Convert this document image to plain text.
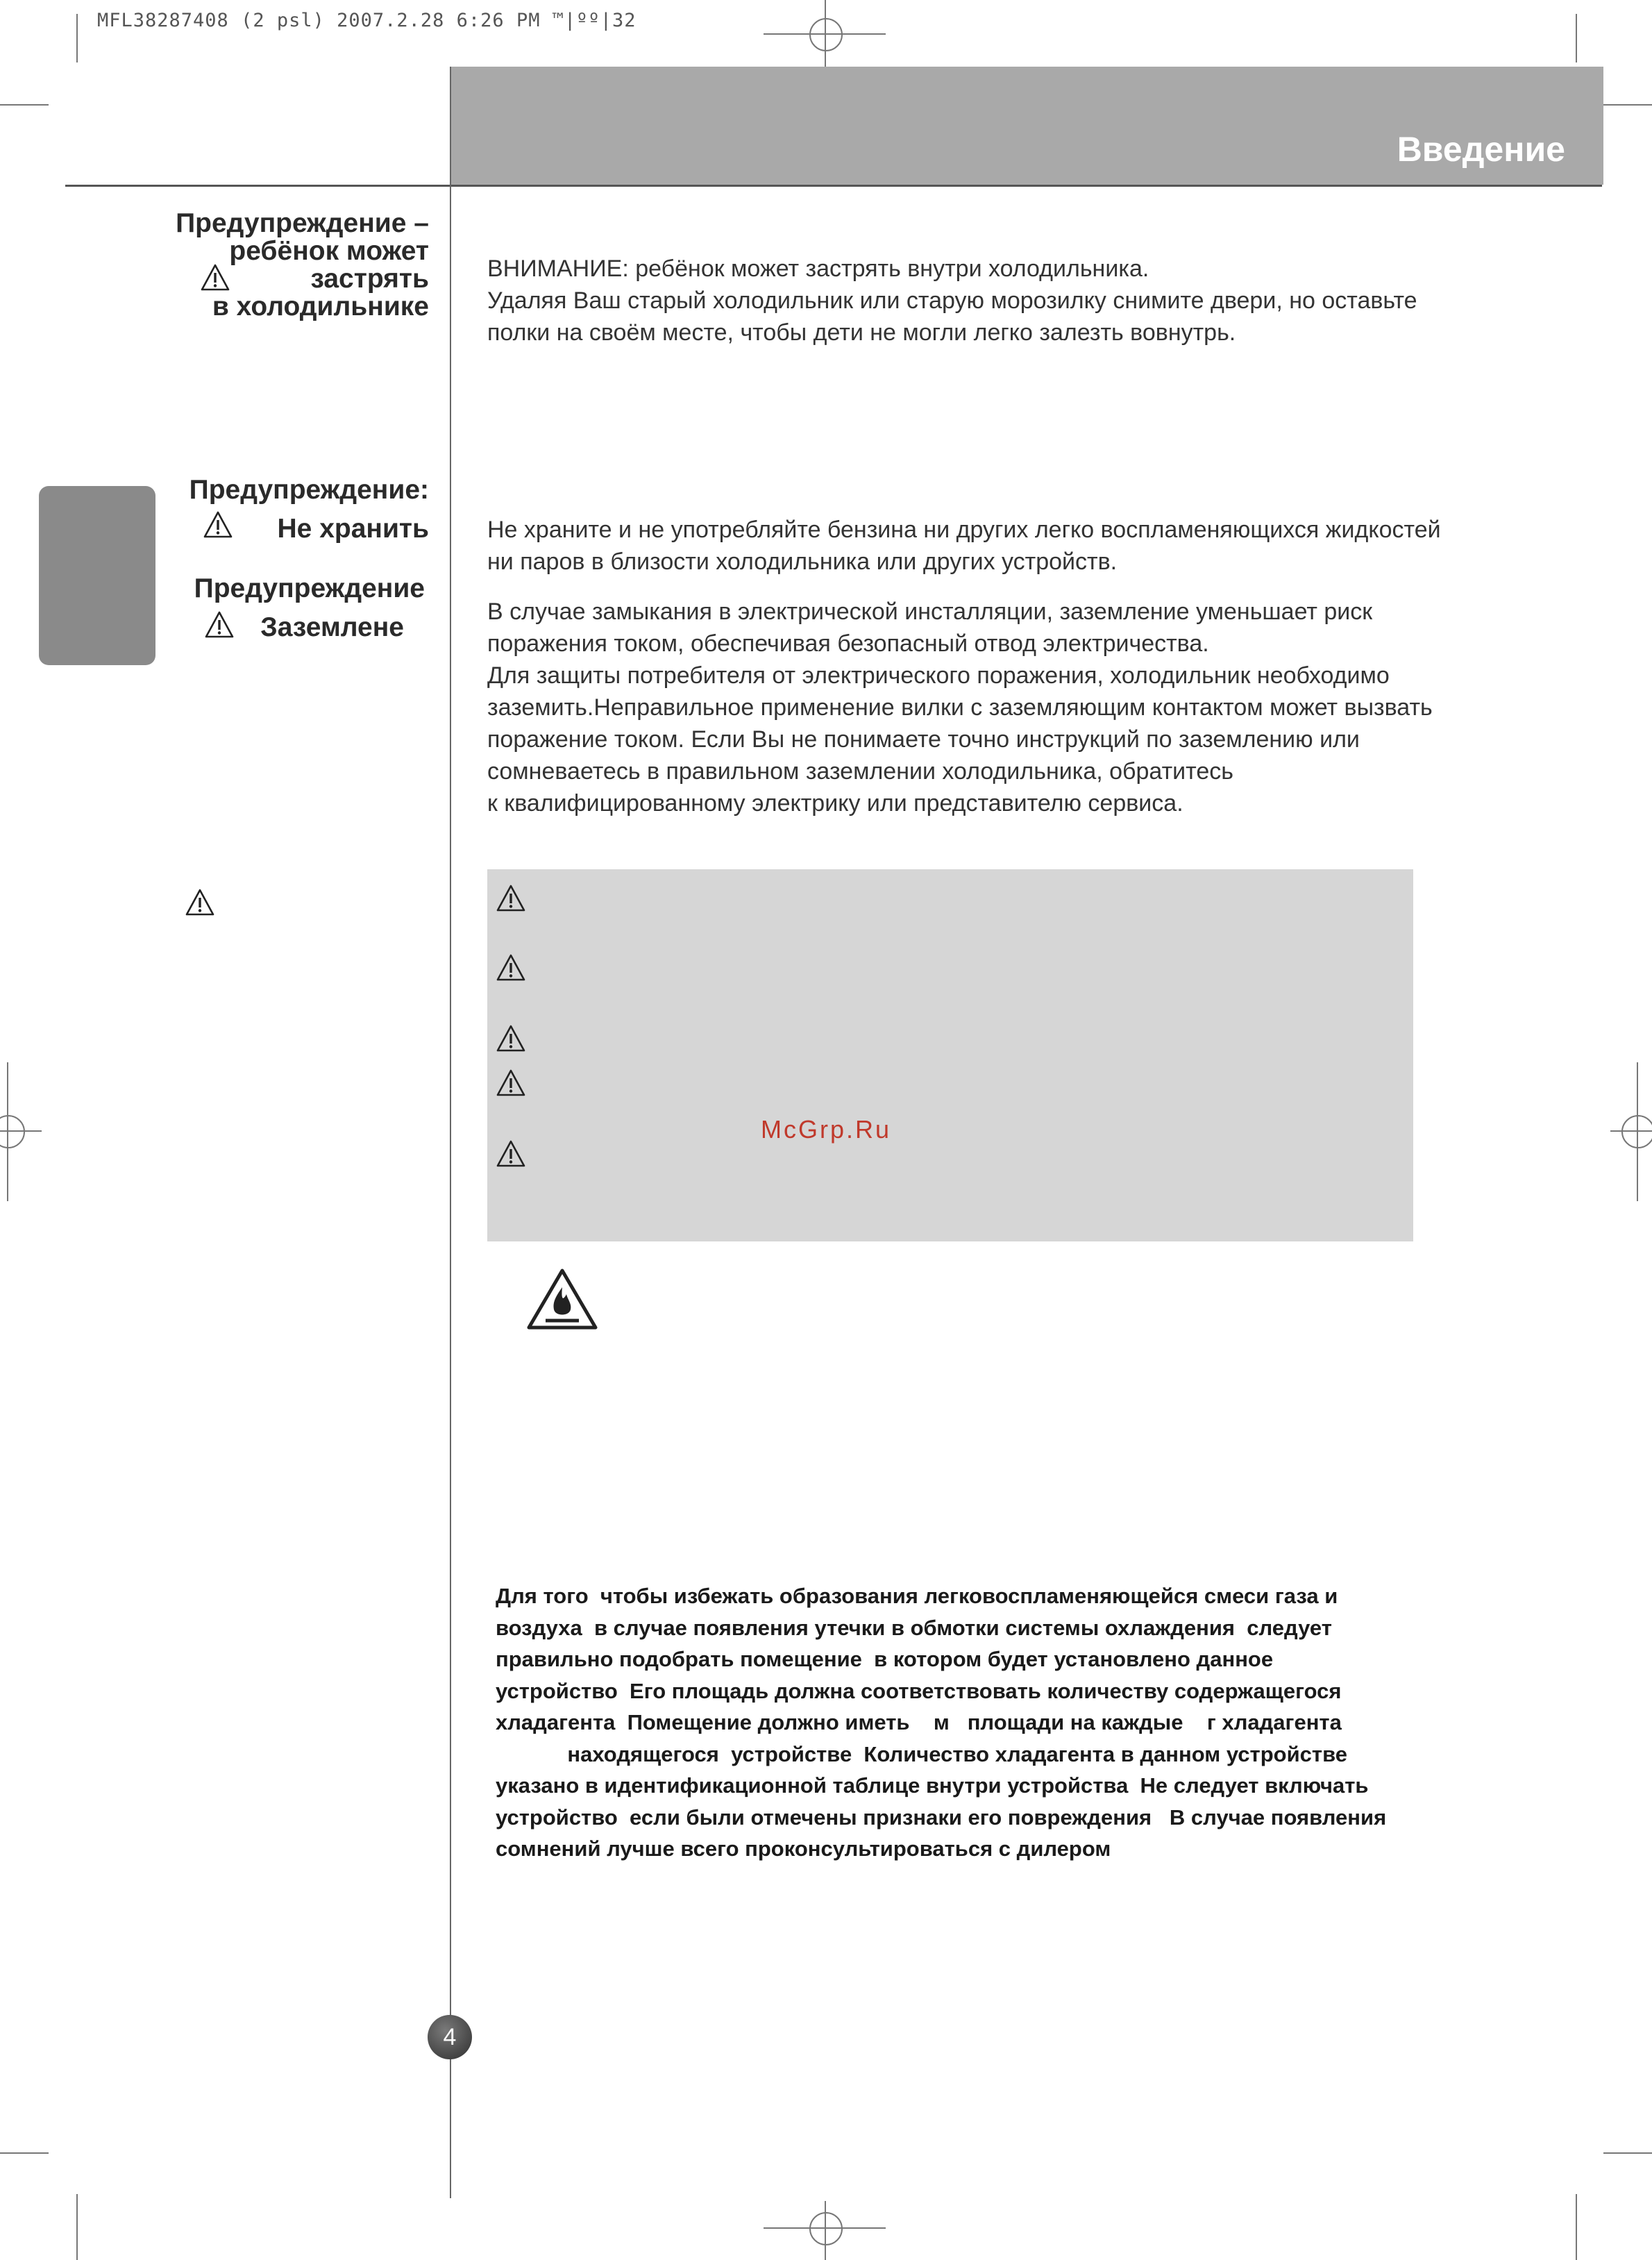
MFL38287408 (2 psl) 2007.2.28 6:26 PM ™|ºº|32
Введение
Предупреждение –
ребёнок может
застрять
в холодильнике
Предупреждение:
Не хранить
Предупреждение
Заземлене
ВНИМАНИЕ: ребёнок может застрять внутри холодильника.
Удаляя Ваш старый холодильник или старую морозилку снимите двери, но оставьте
полки на своём месте, чтобы дети не могли легко залезть вовнутрь.
Не храните и не употребляйте бензина ни других легко воспламеняющихся жидкостей
ни паров в близости холодильника или других устройств.
В случае замыкания в электрической инсталляции, заземление уменьшает риск
поражения током, обеспечивая безопасный отвод электричества.
Для защиты потребителя от электрического поражения, холодильник необходимо
заземить.Неправильное применение вилки с заземляющим контактом может вызвать
поражение током. Если Вы не понимаете точно инструкций по заземлению или
сомневаетесь в правильном заземлении холодильника, обратитесь
к квалифицированному электрику или представителю сервиса.
McGrp.Ru
Для того  чтобы избежать образования легковоспламеняющейся смеси газа и
воздуха  в случае появления утечки в обмотки системы охлаждения  следует
правильно подобрать помещение  в котором будет установлено данное
устройство  Его площадь должна соответствовать количеству содержащегося
хладагента  Помещение должно иметь    м   площади на каждые    г хладагента
находящегося  устройстве  Количество хладагента в данном устройстве
указано в идентификационной таблице внутри устройства  Не следует включать
устройство  если были отмечены признаки его повреждения   В случае появления
сомнений лучше всего проконсультироваться с дилером
4
